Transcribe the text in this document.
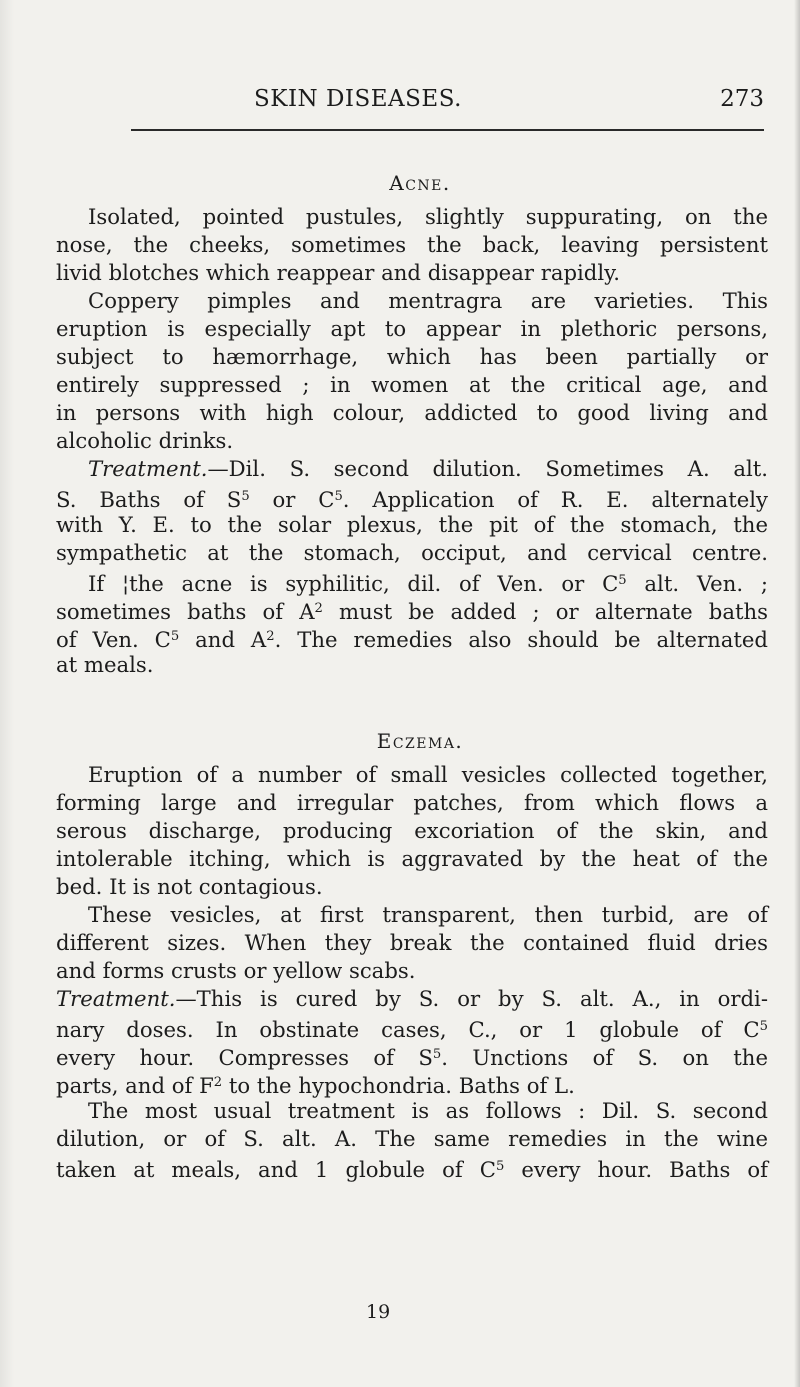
SKIN DISEASES.	273
Acne.
Isolated, pointed pustules, slightly suppurating, on the
nose, the cheeks, sometimes the back, leaving persistent
livid blotches which reappear and disappear rapidly.
Coppery pimples and mentragra are varieties. This
eruption is especially apt to appear in plethoric persons,
subject to hæmorrhage, which has been partially or
entirely suppressed ; in women at the critical age, and
in persons with high colour, addicted to good living and
alcoholic drinks.
Treatment.—Dil. S. second dilution. Sometimes A. alt.
S. Baths of $S^5$ or $C^5$. Application of R. E. alternately
with Y. E. to the solar plexus, the pit of the stomach, the
sympathetic at the stomach, occiput, and cervical centre.
If ¦the acne is syphilitic, dil. of Ven. or $C^5$ alt. Ven. ;
sometimes baths of $A^2$ must be added ; or alternate baths
of Ven. $C^5$ and $A^2$. The remedies also should be alternated
at meals.
Eczema.
Eruption of a number of small vesicles collected together,
forming large and irregular patches, from which flows a
serous discharge, producing excoriation of the skin, and
intolerable itching, which is aggravated by the heat of the
bed. It is not contagious.
These vesicles, at first transparent, then turbid, are of
different sizes. When they break the contained fluid dries
and forms crusts or yellow scabs.
Treatment.—This is cured by S. or by S. alt. A., in ordi-
nary doses. In obstinate cases, C., or 1 globule of $C^5$
every hour. Compresses of $S^5$. Unctions of S. on the
parts, and of $F^2$ to the hypochondria. Baths of L.
The most usual treatment is as follows : Dil. S. second
dilution, or of S. alt. A. The same remedies in the wine
taken at meals, and 1 globule of $C^5$ every hour. Baths of
19
